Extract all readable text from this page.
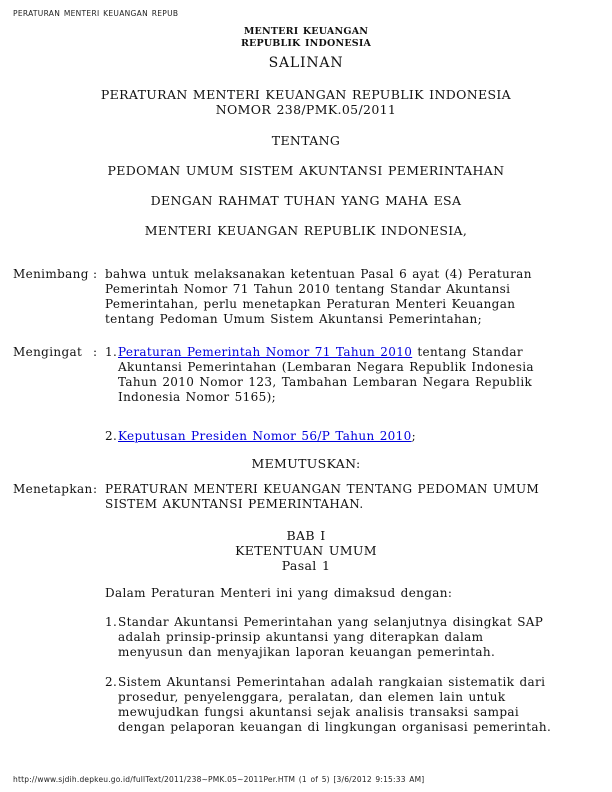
PERATURAN MENTERI KEUANGAN REPUB
MENTERI KEUANGAN
REPUBLIK INDONESIA
SALINAN
PERATURAN MENTERI KEUANGAN REPUBLIK INDONESIA
NOMOR 238/PMK.05/2011
TENTANG
PEDOMAN UMUM SISTEM AKUNTANSI PEMERINTAHAN
DENGAN RAHMAT TUHAN YANG MAHA ESA
MENTERI KEUANGAN REPUBLIK INDONESIA,
Menimbang : bahwa untuk melaksanakan ketentuan Pasal 6 ayat (4) Peraturan
Pemerintah Nomor 71 Tahun 2010 tentang Standar Akuntansi
Pemerintahan, perlu menetapkan Peraturan Menteri Keuangan
tentang Pedoman Umum Sistem Akuntansi Pemerintahan;
Mengingat : 1. Peraturan Pemerintah Nomor 71 Tahun 2010 tentang Standar
Akuntansi Pemerintahan (Lembaran Negara Republik Indonesia
Tahun 2010 Nomor 123, Tambahan Lembaran Negara Republik
Indonesia Nomor 5165);
2. Keputusan Presiden Nomor 56/P Tahun 2010;
MEMUTUSKAN:
Menetapkan : PERATURAN MENTERI KEUANGAN TENTANG PEDOMAN UMUM
SISTEM AKUNTANSI PEMERINTAHAN.
BAB I
KETENTUAN UMUM
Pasal 1
Dalam Peraturan Menteri ini yang dimaksud dengan:
1. Standar Akuntansi Pemerintahan yang selanjutnya disingkat SAP
adalah prinsip-prinsip akuntansi yang diterapkan dalam
menyusun dan menyajikan laporan keuangan pemerintah.
2. Sistem Akuntansi Pemerintahan adalah rangkaian sistematik dari
prosedur, penyelenggara, peralatan, dan elemen lain untuk
mewujudkan fungsi akuntansi sejak analisis transaksi sampai
dengan pelaporan keuangan di lingkungan organisasi pemerintah.
http://www.sjdih.depkeu.go.id/fullText/2011/238~PMK.05~2011Per.HTM (1 of 5) [3/6/2012 9:15:33 AM]
